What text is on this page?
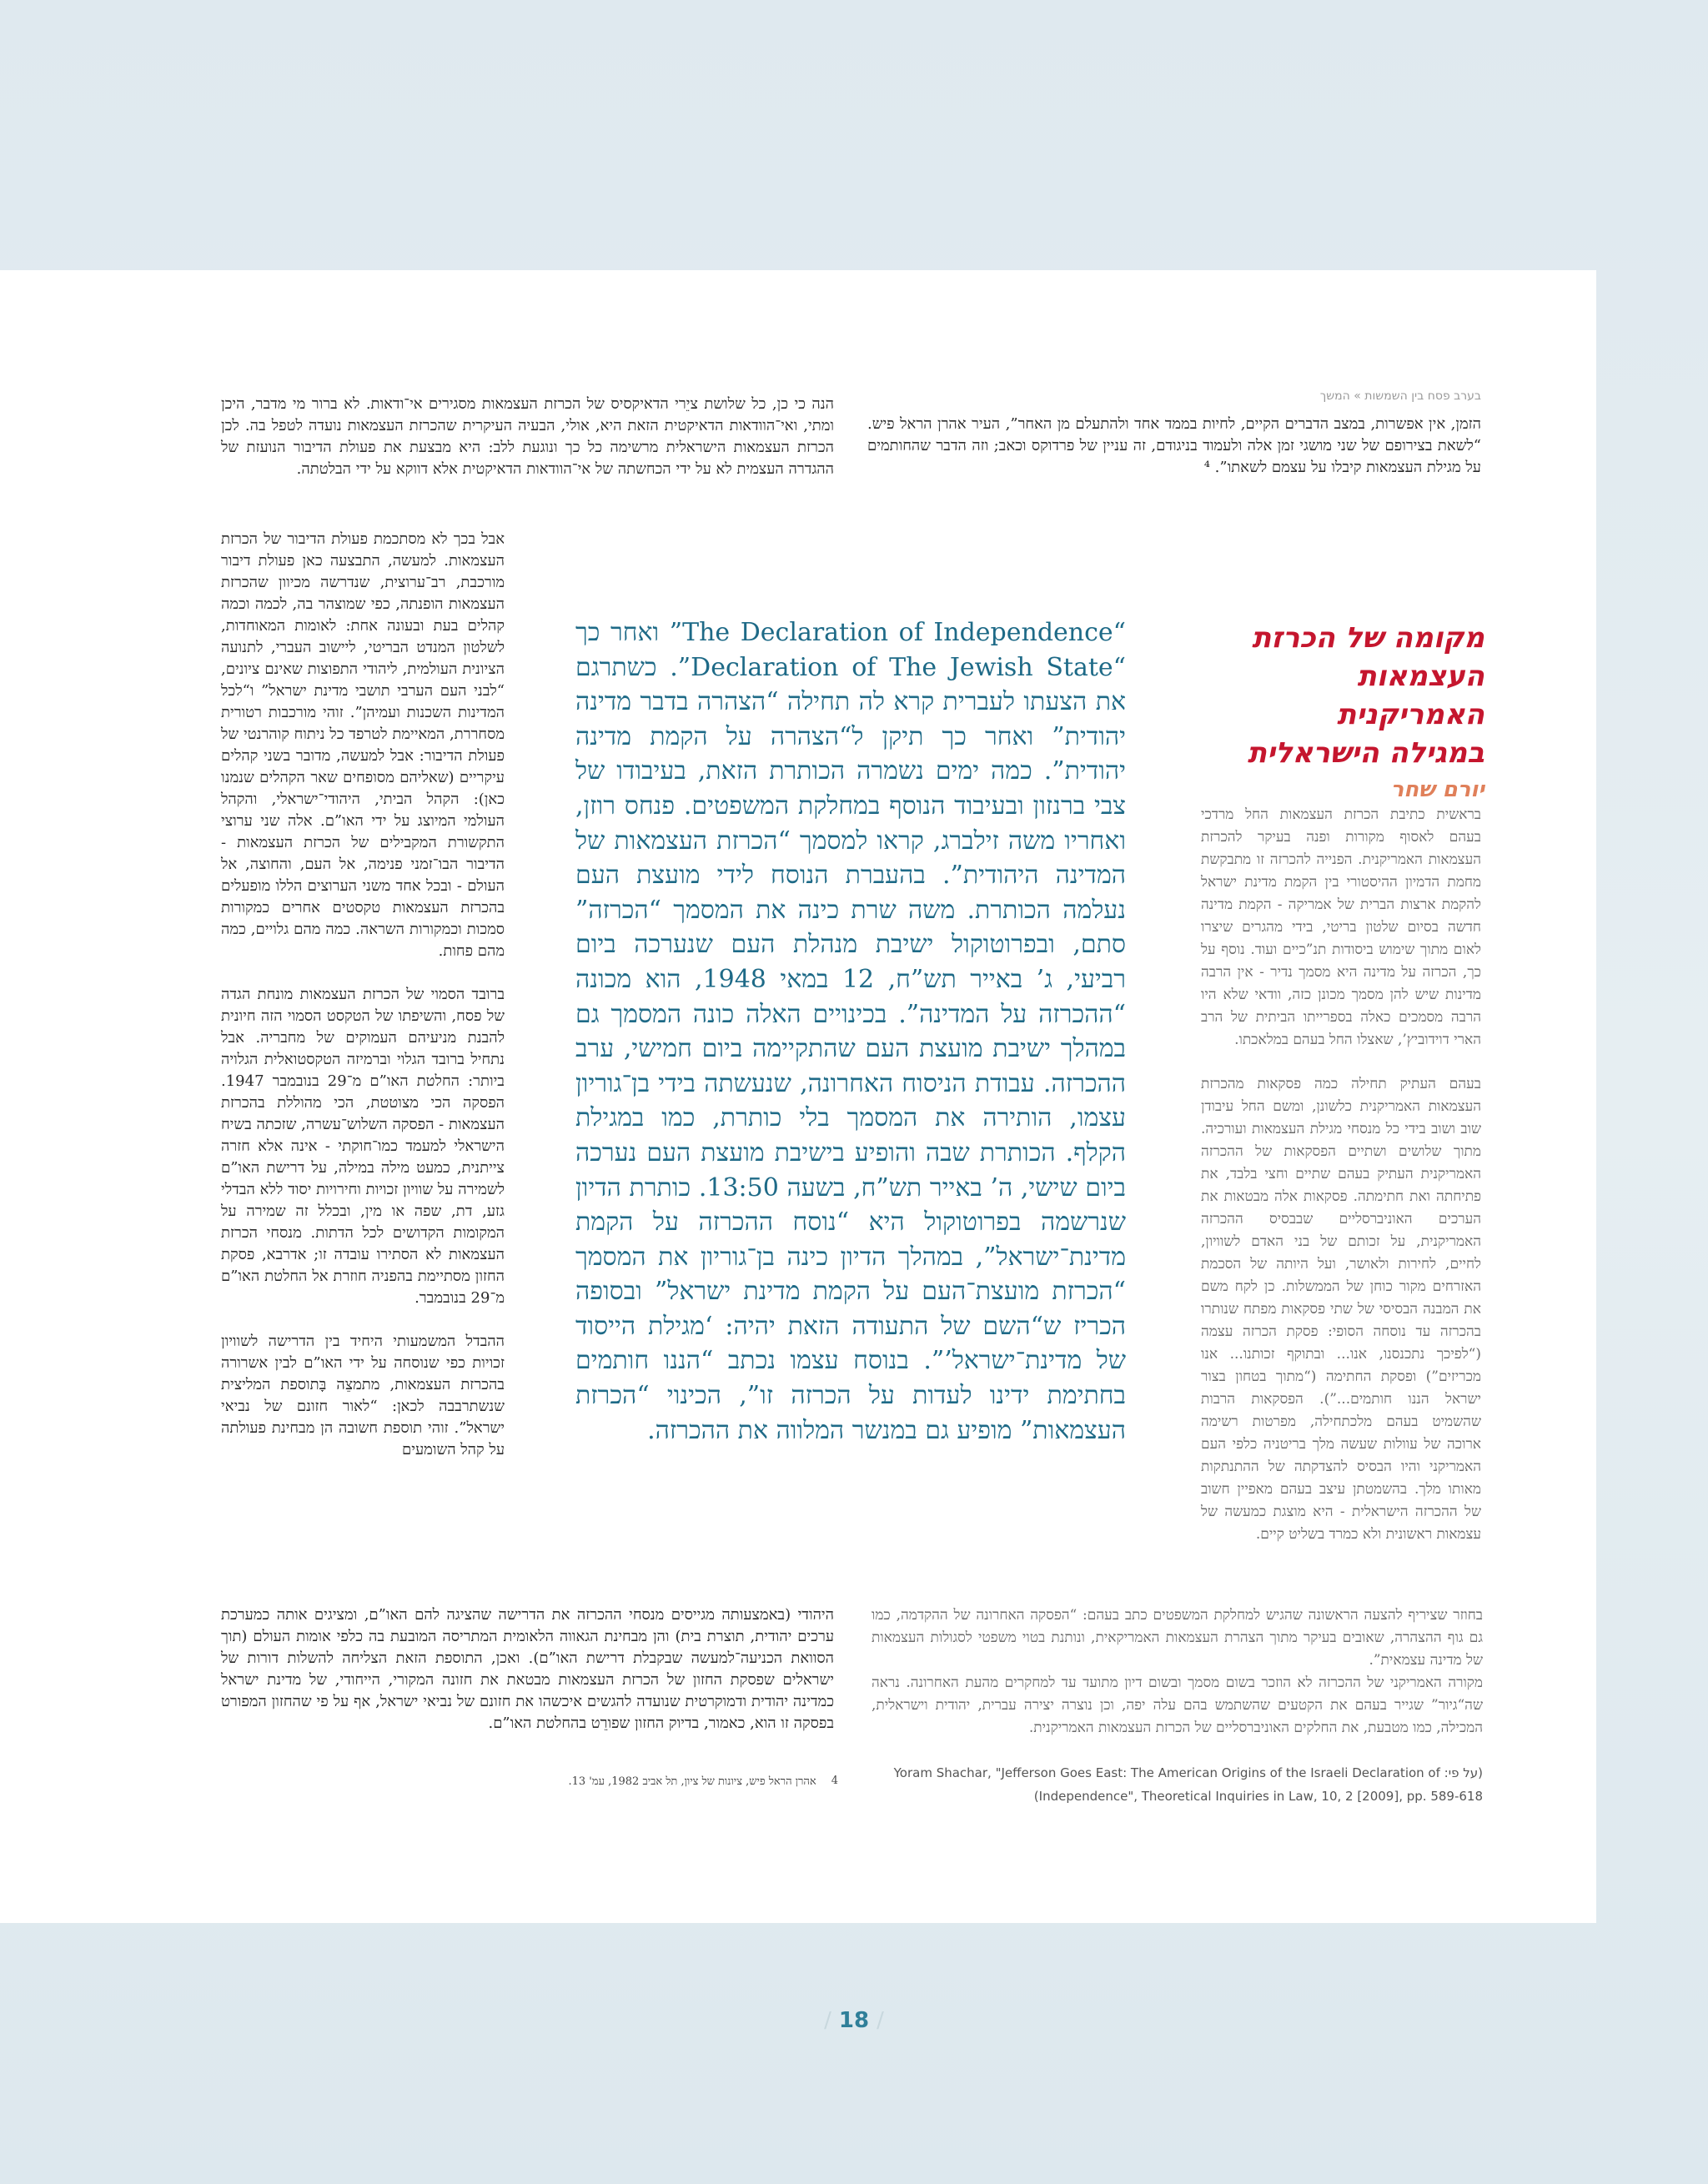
בערב פסח בין השמשות » המשך
הזמן, אין אפשרות, במצב הדברים הקיים, לחיות בממד אחד ולהתעלם מן האחר”, העיר אהרן הראל פיש. “לשאת בצירופם של שני מושגי זמן אלה ולעמוד בניגודם, זה עניין של פרדוקס וכאב; וזה הדבר שהחותמים על מגילת העצמאות קיבלו על עצמם לשאתו”. ⁴
הנה כי כן, כל שלושת ציֵרי הדאיקסיס של הכרזת העצמאות מסגירים אי־ודאות. לא ברור מי מדבר, היכן ומתי, ואי־הוודאות הדאיקטית הזאת היא, אולי, הבעיה העיקרית שהכרזת העצמאות נועדה לטפל בה. לכן הכרזת העצמאות הישראלית מרשימה כל כך ונוגעת ללב: היא מבצעת את פעולת הדיבור הנועזת של ההגדרה העצמית לא על ידי הכחשתה של אי־הוודאות הדאיקטית אלא דווקא על ידי הבלטתה.
מקומה של הכרזת
העצמאות האמריקנית
במגילה הישראלית
יורם שחר

בראשית כתיבת הכרזת העצמאות החל מרדכי בעהם לאסוף מקורות ופנה בעיקר להכרזת העצמאות האמריקנית. הפנייה להכרזה זו מתבקשת מחמת הדמיון ההיסטורי בין הקמת מדינת ישראל להקמת ארצות הברית של אמריקה - הקמת מדינה חדשה בסיום שלטון בריטי, בידי מהגרים שיצרו לאום מתוך שימוש ביסודות תנ”כיים ועוד. נוסף על כך, הכרזה על מדינה היא מסמך נדיר - אין הרבה מדינות שיש להן מסמך מכונן כזה, וודאי שלא היו הרבה מסמכים כאלה בספרייתו הביתית של הרב הארי דוידוביץ’, שאצלו החל בעהם במלאכתו.

בעהם העתיק תחילה כמה פסקאות מהכרזת העצמאות האמריקנית כלשונן, ומשם החל עיבודן שוב ושוב בידי כל מנסחי מגילת העצמאות ועורכיה. מתוך שלושים ושתיים הפסקאות של ההכרזה האמריקנית העתיק בעהם שתיים וחצי בלבד, את פתיחתה ואת חתימתה. פסקאות אלה מבטאות את הערכים האוניברסליים שבבסיס ההכרזה האמריקנית, על זכותם של בני האדם לשוויון, לחיים, לחירות ולאושר, ועל היותה של הסכמת האזרחים מקור כוחן של הממשלות. כן לקח משם את המבנה הבסיסי של שתי פסקאות מפתח שנותרו בהכרזה עד נוסחה הסופי: פסקת הכרזה עצמה (“לפיכך נתכנסנו, אנו... ובתוקף זכותנו... אנו מכריזים”) ופסקת החתימה (“מתוך בטחון בצור ישראל הננו חותמים...”). הפסקאות הרבות שהשמיט בעהם מלכתחילה, מפרטות רשימה ארוכה של עוולות שעשה מלך בריטניה כלפי העם האמריקני והיו הבסיס להצדקתה של ההתנתקות מאותו מלך. בהשמטתן עיצב בעהם מאפיין חשוב של ההכרזה הישראלית - היא מוצגת כמעשה של עצמאות ראשונית ולא כמרד בשליט קיים.

“The Declaration of Independence” ואחר כך “Declaration of The Jewish State”. כשתרגם את הצעתו לעברית קרא לה תחילה “הצהרה בדבר מדינה יהודית” ואחר כך תיקן ל“הצהרה על הקמת מדינה יהודית”. כמה ימים נשמרה הכותרת הזאת, בעיבודו של צבי ברנזון ובעיבוד הנוסף במחלקת המשפטים. פנחס רוזן, ואחריו משה זילברג, קראו למסמך “הכרזת העצמאות של המדינה היהודית”. בהעברת הנוסח לידי מועצת העם נעלמה הכותרת. משה שרת כינה את המסמך “הכרזה” סתם, ובפרוטוקול ישיבת מנהלת העם שנערכה ביום רביעי, ג’ באייר תש”ח, 12 במאי 1948, הוא מכונה “ההכרזה על המדינה”. בכינויים האלה כונה המסמך גם במהלך ישיבת מועצת העם שהתקיימה ביום חמישי, ערב ההכרזה. עבודת הניסוח האחרונה, שנעשתה בידי בן־גוריון עצמו, הותירה את המסמך בלי כותרת, כמו במגילת הקלף. הכותרת שבה והופיע בישיבת מועצת העם נערכה ביום שישי, ה’ באייר תש”ח, בשעה 13:50. כותרת הדיון שנרשמה בפרוטוקול היא “נוסח ההכרזה על הקמת מדינת־ישראל”, במהלך הדיון כינה בן־גוריון את המסמך “הכרזת מועצת־העם על הקמת מדינת ישראל” ובסופה הכריז ש“השם של התעודה הזאת יהיה: ‘מגילת הייסוד של מדינת־ישראל’”. בנוסח עצמו נכתב “הננו חותמים בחתימת ידינו לעדות על הכרזה זו”, הכינוי “הכרזת העצמאות” מופיע גם במנשר המלווה את ההכרזה.

אבל בכך לא מסתכמת פעולת הדיבור של הכרזת העצמאות. למעשה, התבצעה כאן פעולת דיבור מורכבת, רב־ערוצית, שנדרשה מכיוון שהכרזת העצמאות הופנתה, כפי שמוצהר בה, לכמה וכמה קהלים בעת ובעונה אחת: לאומות המאוחדות, לשלטון המנדט הבריטי, ליישוב העברי, לתנועה הציונית העולמית, ליהודי התפוצות שאינם ציונים, “לבני העם הערבי תושבי מדינת ישראל” ו“לכל המדינות השכנות ועמיהן”. זוהי מורכבות רטורית מסחררת, המאיימת לטרפד כל ניתוח קוהרנטי של פעולת הדיבור: אבל למעשה, מדובר בשני קהלים עיקריים (שאליהם מסופחים שאר הקהלים שנמנו כאן): הקהל הביתי, היהודי־ישראלי, והקהל העולמי המיוצג על ידי האו”ם. אלה שני ערוצי התקשורת המקבילים של הכרזת העצמאות - הדיבור הבו־זמני פנימה, אל העם, והחוצה, אל העולם - ובכל אחד משני הערוצים הללו מופעלים בהכרזת העצמאות טקסטים אחרים כמקורות סמכות וכמקורות השראה. כמה מהם גלויים, כמה מהם פחות.

ברובד הסמוי של הכרזת העצמאות מונחת הגדה של פסח, והשיפתו של הטקסט הסמוי הזה חיונית להבנת מניעיהם העמוקים של מחבריה. אבל נתחיל ברובד הגלוי וברמיזה הטקסטואלית הגלויה ביותר: החלטת האו”ם מ־29 בנובמבר 1947. הפסקה הכי מצוטטת, הכי מהוללת בהכרזת העצמאות - הפסקה השלוש־עשרה, שזכתה בשיח הישראלי למעמד כמו־חוקתי - אינה אלא חזרה צייתנית, כמעט מילה במילה, על דרישת האו”ם לשמירה על שוויון זכויות וחירויות יסוד ללא הבדלי גזע, דת, שפה או מין, ובכלל זה שמירה על המקומות הקדושים לכל הדתות. מנסחי הכרזת העצמאות לא הסתירו עובדה זו; אדרבא, פסקת החזון מסתיימת בהפניה חוזרת אל החלטת האו”ם מ־29 בנובמבר.

ההבדל המשמעותי היחיד בין הדרישה לשוויון זכויות כפי שנוסחה על ידי האו”ם לבין אשרורה בהכרזת העצמאות, מתמצֵה בָּתוספת המליצית שנשתרבבה לכאן: “לאור חזונם של נביאי ישראל”. זוהי תוספת חשובה הן מבחינת פעולתה על קהל השומעים

היהודי (באמצעותה מגייסים מנסחי ההכרזה את הדרישה שהציגה להם האו”ם, ומציגים אותה כמערכת ערכים יהודית, תוצרת בית) והן מבחינת הגאווה הלאומית המתריסה המובעת בה כלפי אומות העולם (תוך הסוואת הכניעה־למעשה שבקבלת דרישת האו”ם). ואכן, התוספת הזאת הצליחה להשלות דורות של ישראלים שפסקת החזון של הכרזת העצמאות מבטאת את חזונה המקורי, הייחודי, של מדינת ישראל כמדינה יהודית ודמוקרטית שנועדה להגשים איכשהו את חזונם של נביאי ישראל, אף על פי שהחזון המפורט בפסקה זו הוא, כאמור, בדיוק החזון שפורֵט בהחלטת האו”ם.

בחוזר שציריף להצעה הראשונה שהגיש למחלקת המשפטים כתב בעהם: “הפסקה האחרונה של ההקדמה, כמו גם גוף ההצהרה, שאובים בעיקר מתוך הצהרת העצמאות האמריקאית, ונותנת בטוי משפטי לסגולות העצמאות של מדינה עצמאית”.

מקורה האמריקני של ההכרזה לא הוזכר בשום מסמך ובשום דיון מתועד עד למחקרים מהעת האחרונה. נראה שה“גיור” שגייר בעהם את הקטעים שהשתמש בהם עלה יפה, וכן נוצרה יצירה עברית, יהודית וישראלית, המכילה, כמו מטבעת, את החלקים האוניברסליים של הכרזת העצמאות האמריקנית.

(על פי: Yoram Shachar, "Jefferson Goes East: The American Origins of the Israeli Declaration of
Independence", Theoretical Inquiries in Law, 10, 2 [2009], pp. 589-618)
4
אהרן הראל פיש, ציונות של ציון, תל אביב 1982, עמ' 13.
/ 18 /
